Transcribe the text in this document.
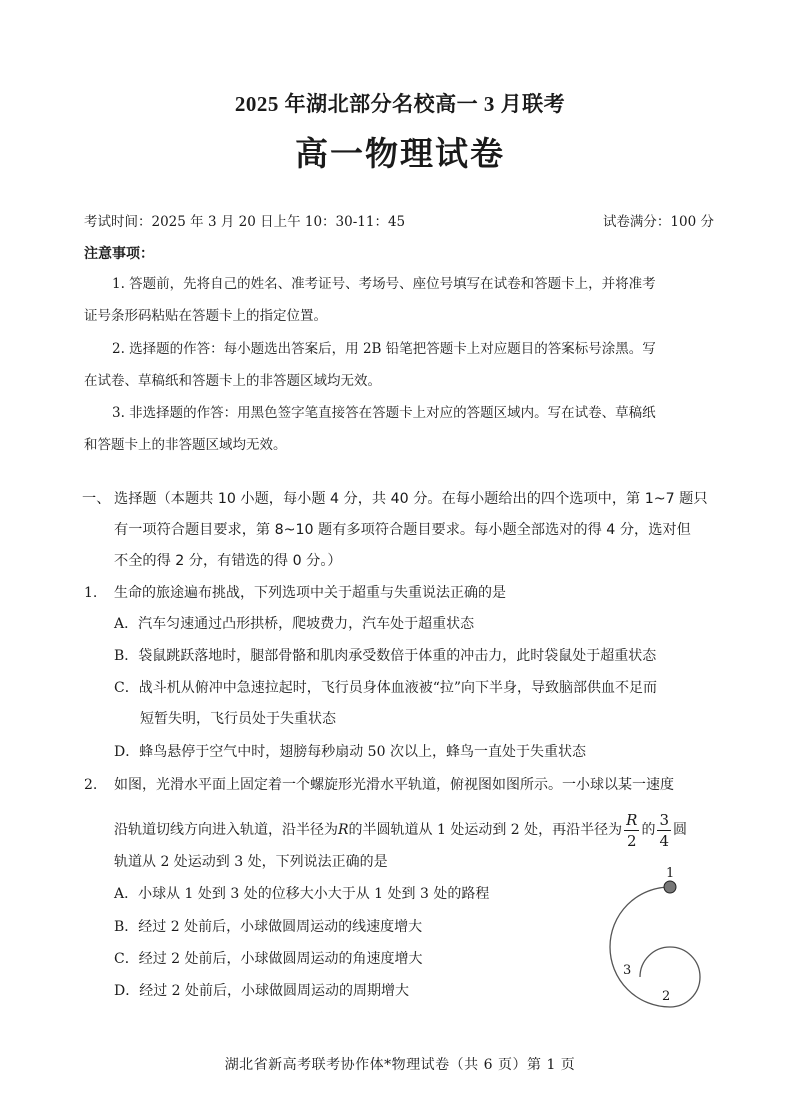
2025 年湖北部分名校高一 3 月联考
高一物理试卷
考试时间：2025 年 3 月 20 日上午 10：30-11：45	试卷满分：100 分
注意事项：
1. 答题前，先将自己的姓名、准考证号、考场号、座位号填写在试卷和答题卡上，并将准考
证号条形码粘贴在答题卡上的指定位置。
2. 选择题的作答：每小题选出答案后，用 2B 铅笔把答题卡上对应题目的答案标号涂黑。写
在试卷、草稿纸和答题卡上的非答题区域均无效。
3. 非选择题的作答：用黑色签字笔直接答在答题卡上对应的答题区域内。写在试卷、草稿纸
和答题卡上的非答题区域均无效。
一、 选择题（本题共 10 小题，每小题 4 分，共 40 分。在每小题给出的四个选项中，第 1~7 题只
有一项符合题目要求，第 8~10 题有多项符合题目要求。每小题全部选对的得 4 分，选对但
不全的得 2 分，有错选的得 0 分。）
1. 生命的旅途遍布挑战，下列选项中关于超重与失重说法正确的是
A．汽车匀速通过凸形拱桥，爬坡费力，汽车处于超重状态
B．袋鼠跳跃落地时，腿部骨骼和肌肉承受数倍于体重的冲击力，此时袋鼠处于超重状态
C．战斗机从俯冲中急速拉起时，飞行员身体血液被“拉”向下半身，导致脑部供血不足而
短暂失明，飞行员处于失重状态
D．蜂鸟悬停于空气中时，翅膀每秒扇动 50 次以上，蜂鸟一直处于失重状态
2. 如图，光滑水平面上固定着一个螺旋形光滑水平轨道，俯视图如图所示。一小球以某一速度
沿轨道切线方向进入轨道，沿半径为R的半圆轨道从 1 处运动到 2 处，再沿半径为 $\frac{R}{2}$ 的 $\frac{3}{4}$ 圆
轨道从 2 处运动到 3 处，下列说法正确的是
A．小球从 1 处到 3 处的位移大小大于从 1 处到 3 处的路程
B．经过 2 处前后，小球做圆周运动的线速度增大
C．经过 2 处前后，小球做圆周运动的角速度增大
D．经过 2 处前后，小球做圆周运动的周期增大
1
2
3
湖北省新高考联考协作体*物理试卷（共 6 页）第 1 页
